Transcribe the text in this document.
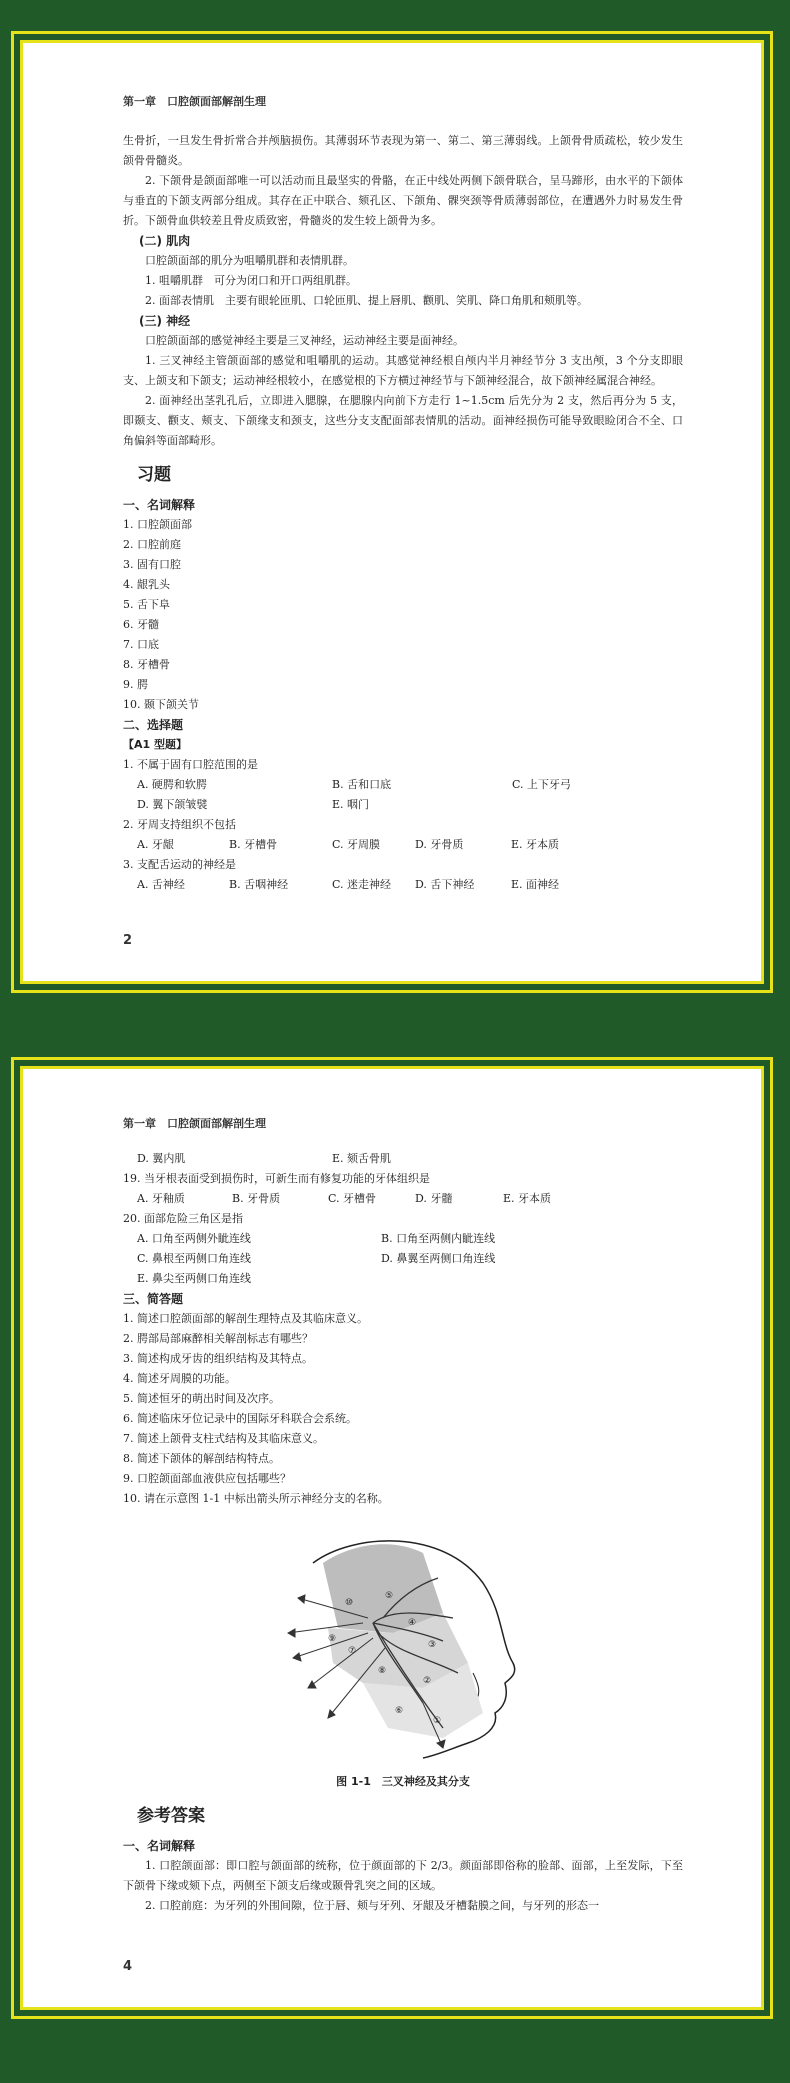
第一章　口腔颌面部解剖生理

生骨折，一旦发生骨折常合并颅脑损伤。其薄弱环节表现为第一、第二、第三薄弱线。上颌骨骨质疏松，较少发生颌骨骨髓炎。

2. 下颌骨是颌面部唯一可以活动而且最坚实的骨骼，在正中线处两侧下颌骨联合，呈马蹄形，由水平的下颌体与垂直的下颌支两部分组成。其存在正中联合、颏孔区、下颌角、髁突颈等骨质薄弱部位，在遭遇外力时易发生骨折。下颌骨血供较差且骨皮质致密，骨髓炎的发生较上颌骨为多。

(二) 肌肉

口腔颌面部的肌分为咀嚼肌群和表情肌群。

1. 咀嚼肌群　可分为闭口和开口两组肌群。

2. 面部表情肌　主要有眼轮匝肌、口轮匝肌、提上唇肌、颧肌、笑肌、降口角肌和颊肌等。

(三) 神经

口腔颌面部的感觉神经主要是三叉神经，运动神经主要是面神经。

1. 三叉神经主管颌面部的感觉和咀嚼肌的运动。其感觉神经根自颅内半月神经节分 3 支出颅，3 个分支即眼支、上颌支和下颌支；运动神经根较小，在感觉根的下方横过神经节与下颌神经混合，故下颌神经属混合神经。

2. 面神经出茎乳孔后，立即进入腮腺，在腮腺内向前下方走行 1~1.5cm 后先分为 2 支，然后再分为 5 支，即颞支、颧支、颊支、下颌缘支和颈支，这些分支支配面部表情肌的活动。面神经损伤可能导致眼睑闭合不全、口角偏斜等面部畸形。

习题

一、名词解释

1. 口腔颌面部

2. 口腔前庭

3. 固有口腔

4. 龈乳头

5. 舌下阜

6. 牙髓

7. 口底

8. 牙槽骨

9. 腭

10. 颞下颌关节

二、选择题

【A1 型题】

1. 不属于固有口腔范围的是

A. 硬腭和软腭	B. 舌和口底	C. 上下牙弓
D. 翼下颌皱襞	E. 咽门

2. 牙周支持组织不包括

A. 牙龈	B. 牙槽骨	C. 牙周膜	D. 牙骨质	E. 牙本质

3. 支配舌运动的神经是

A. 舌神经	B. 舌咽神经	C. 迷走神经	D. 舌下神经	E. 面神经
2
第一章　口腔颌面部解剖生理
D. 翼内肌	E. 颏舌骨肌

19. 当牙根表面受到损伤时，可新生而有修复功能的牙体组织是

A. 牙釉质	B. 牙骨质	C. 牙槽骨	D. 牙髓	E. 牙本质

20. 面部危险三角区是指

A. 口角至两侧外眦连线	B. 口角至两侧内眦连线
C. 鼻根至两侧口角连线	D. 鼻翼至两侧口角连线
E. 鼻尖至两侧口角连线

三、简答题

1. 简述口腔颌面部的解剖生理特点及其临床意义。

2. 腭部局部麻醉相关解剖标志有哪些？

3. 简述构成牙齿的组织结构及其特点。

4. 简述牙周膜的功能。

5. 简述恒牙的萌出时间及次序。

6. 简述临床牙位记录中的国际牙科联合会系统。

7. 简述上颌骨支柱式结构及其临床意义。

8. 简述下颌体的解剖结构特点。

9. 口腔颌面部血液供应包括哪些？

10. 请在示意图 1-1 中标出箭头所示神经分支的名称。

⑩
⑨
⑦
⑤
④
③
⑧
②
⑥
①

图 1-1　三叉神经及其分支

参考答案

一、名词解释

1. 口腔颌面部：即口腔与颌面部的统称，位于颜面部的下 2/3。颜面部即俗称的脸部、面部，上至发际，下至下颌骨下缘或颏下点，两侧至下颌支后缘或颞骨乳突之间的区域。

2. 口腔前庭：为牙列的外围间隙，位于唇、颊与牙列、牙龈及牙槽黏膜之间，与牙列的形态一

4
